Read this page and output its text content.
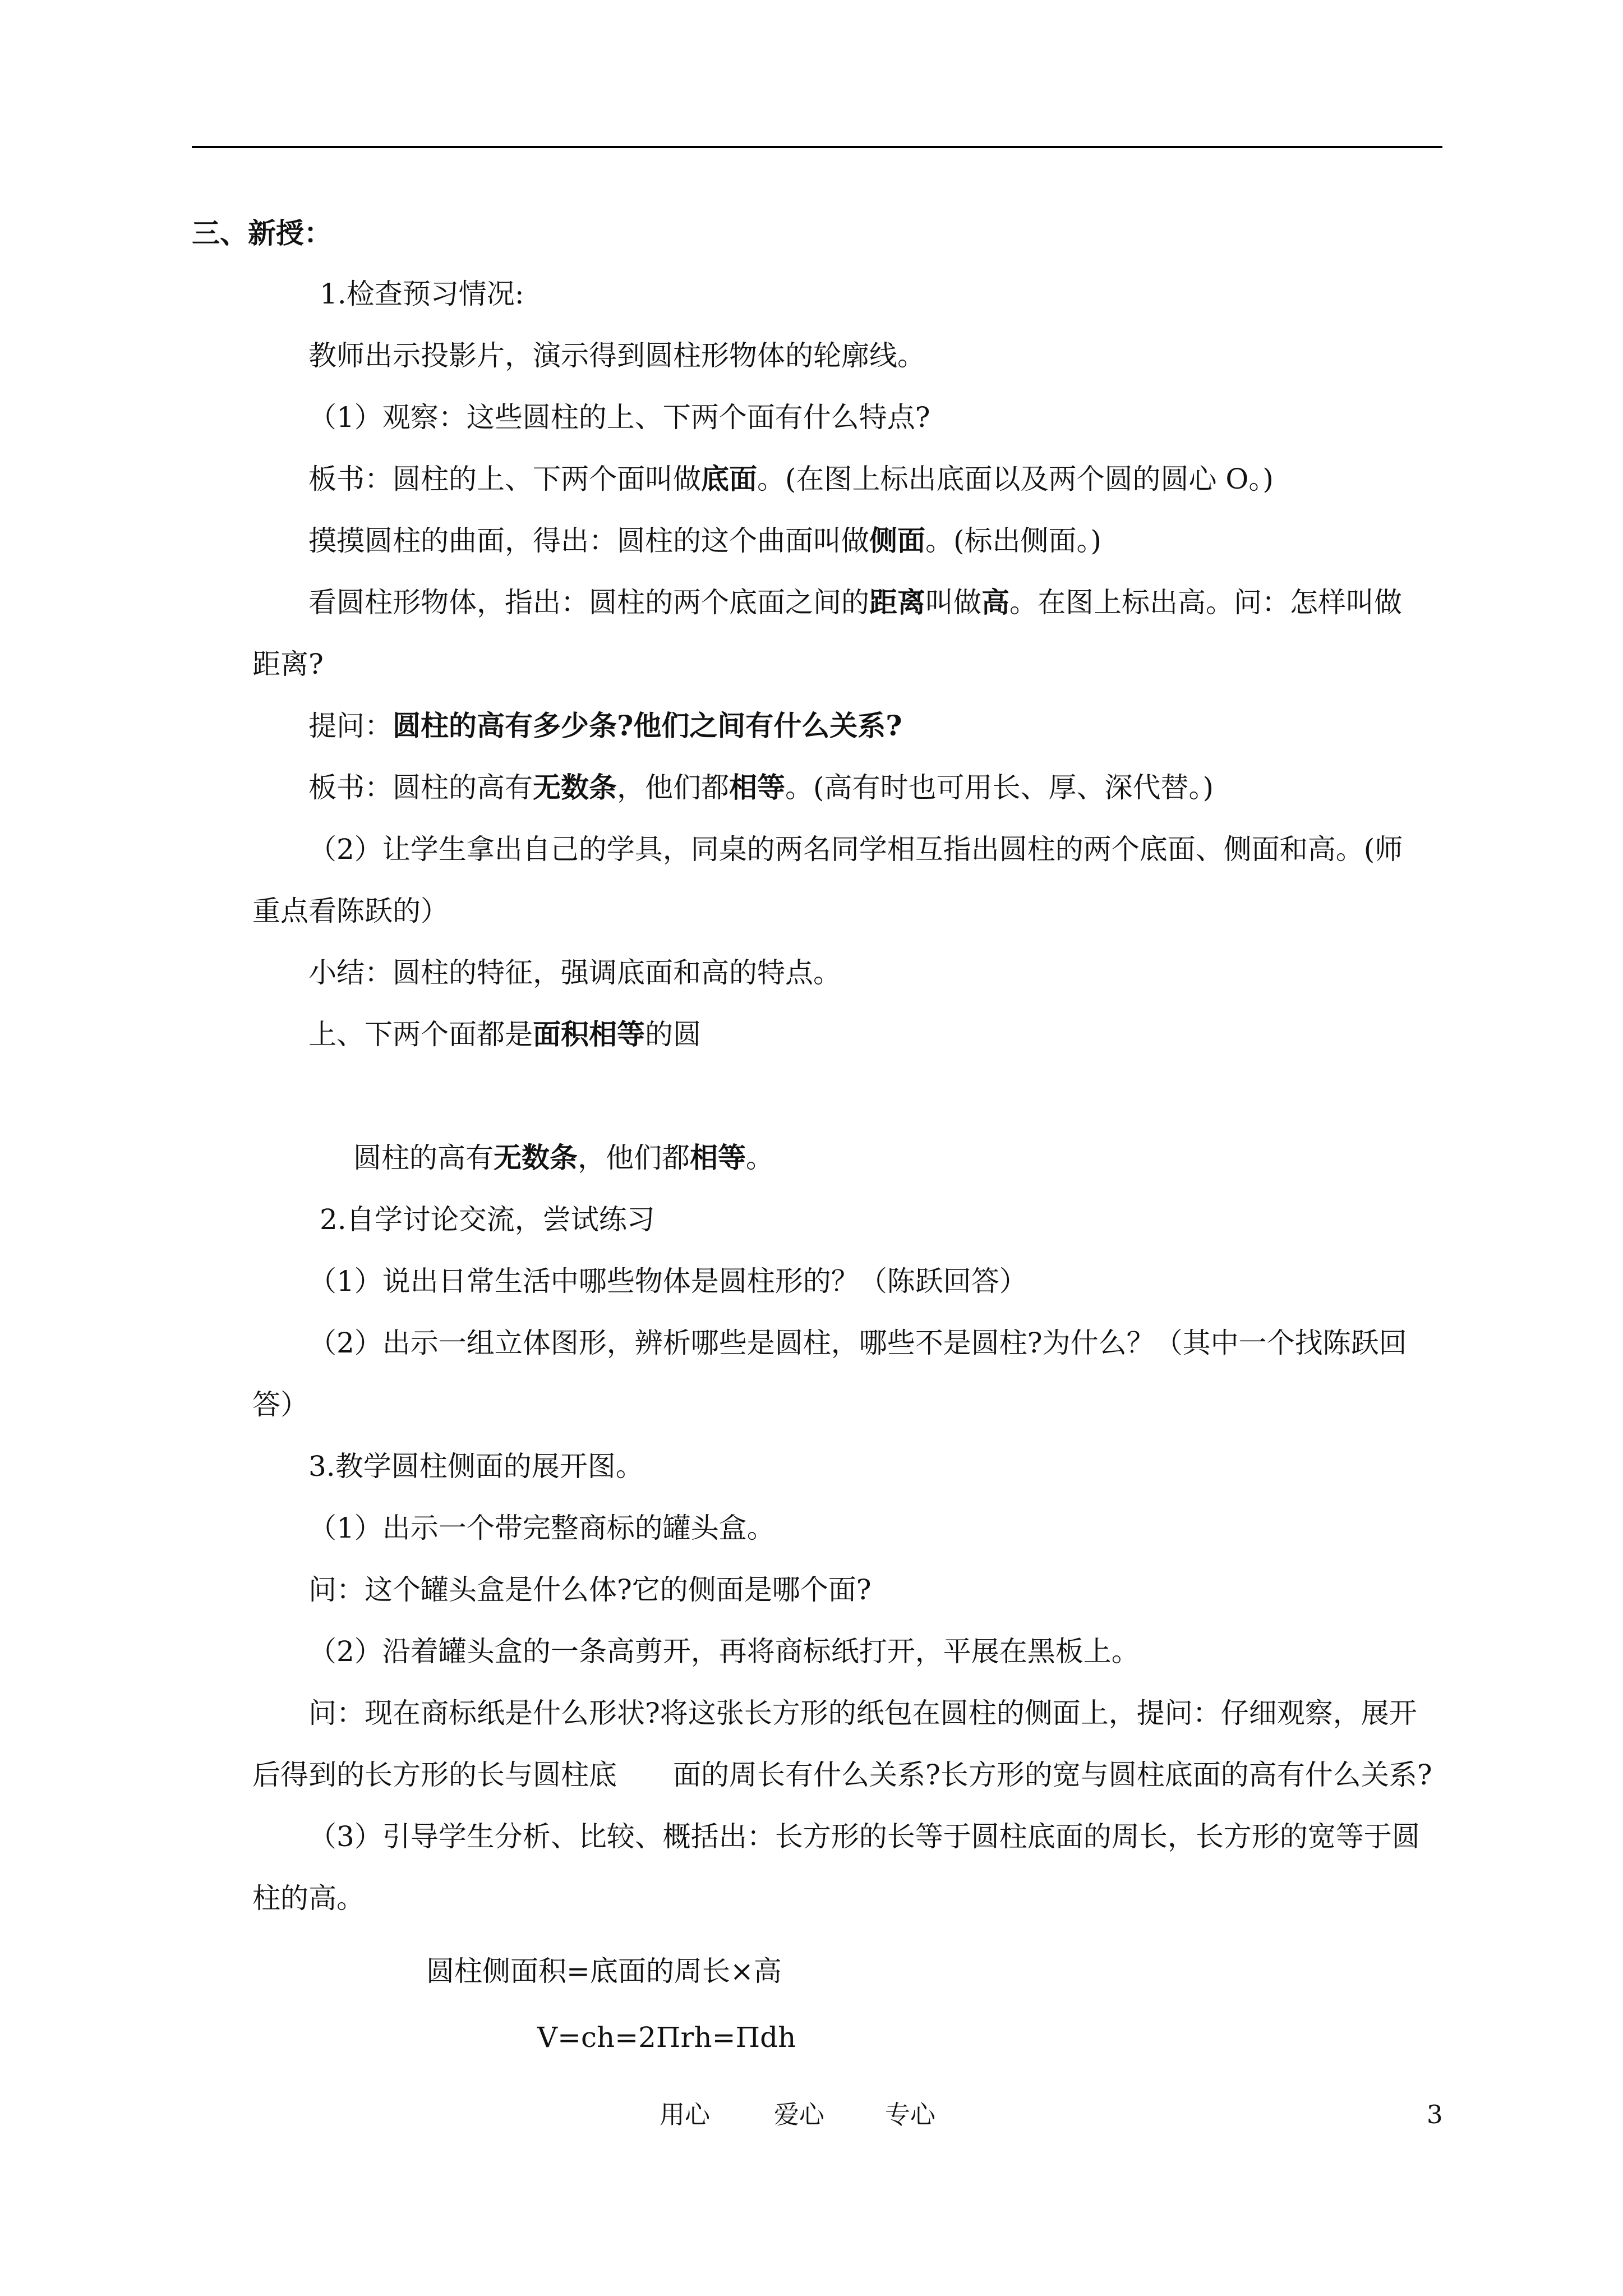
三、新授：
1.检查预习情况:
教师出示投影片，演示得到圆柱形物体的轮廓线。
（1）观察：这些圆柱的上、下两个面有什么特点?
板书：圆柱的上、下两个面叫做底面。(在图上标出底面以及两个圆的圆心 O。)
摸摸圆柱的曲面，得出：圆柱的这个曲面叫做侧面。(标出侧面。)
看圆柱形物体，指出：圆柱的两个底面之间的距离叫做高。在图上标出高。问：怎样叫做
距离?
提问：圆柱的高有多少条?他们之间有什么关系?
板书：圆柱的高有无数条，他们都相等。(高有时也可用长、厚、深代替。)
（2）让学生拿出自己的学具，同桌的两名同学相互指出圆柱的两个底面、侧面和高。(师
重点看陈跃的）
小结：圆柱的特征，强调底面和高的特点。
上、下两个面都是面积相等的圆
圆柱的高有无数条，他们都相等。
2.自学讨论交流，尝试练习
（1）说出日常生活中哪些物体是圆柱形的？（陈跃回答）
（2）出示一组立体图形，辨析哪些是圆柱，哪些不是圆柱?为什么？（其中一个找陈跃回
答）
3.教学圆柱侧面的展开图。
（1）出示一个带完整商标的罐头盒。
问：这个罐头盒是什么体?它的侧面是哪个面?
（2）沿着罐头盒的一条高剪开，再将商标纸打开，平展在黑板上。
问：现在商标纸是什么形状?将这张长方形的纸包在圆柱的侧面上，提问：仔细观察，展开
后得到的长方形的长与圆柱底　　面的周长有什么关系?长方形的宽与圆柱底面的高有什么关系?
（3）引导学生分析、比较、概括出：长方形的长等于圆柱底面的周长，长方形的宽等于圆
柱的高。
圆柱侧面积=底面的周长×高
V=ch=2Πrh=Πdh
用心	爱心 专心	3
